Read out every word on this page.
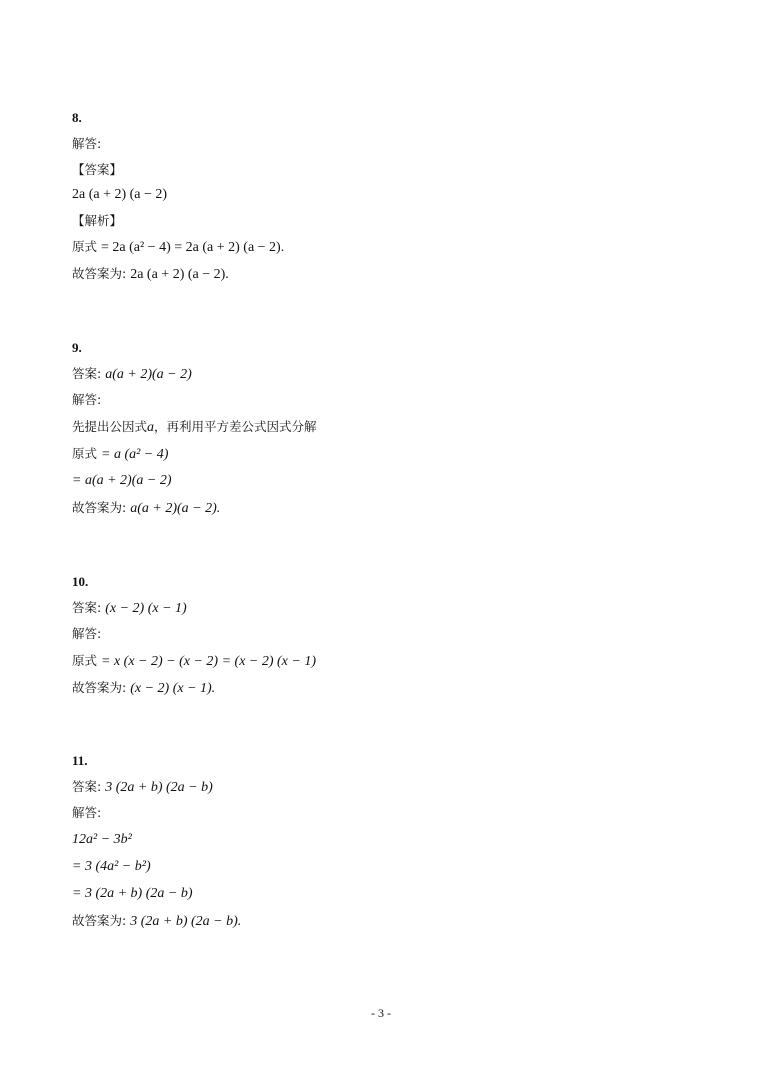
8.
解答:
【答案】
2a (a + 2) (a − 2)
【解析】
原式 = 2a (a² − 4) = 2a (a + 2) (a − 2).
故答案为: 2a (a + 2) (a − 2).
9.
答案: a(a + 2)(a − 2)
解答:
先提出公因式a，再利用平方差公式因式分解
原式 = a (a² − 4)
= a(a + 2)(a − 2)
故答案为: a(a + 2)(a − 2).
10.
答案: (x − 2) (x − 1)
解答:
原式 = x (x − 2) − (x − 2) = (x − 2) (x − 1)
故答案为: (x − 2) (x − 1).
11.
答案: 3 (2a + b) (2a − b)
解答:
12a² − 3b²
= 3 (4a² − b²)
= 3 (2a + b) (2a − b)
故答案为: 3 (2a + b) (2a − b).
- 3 -
